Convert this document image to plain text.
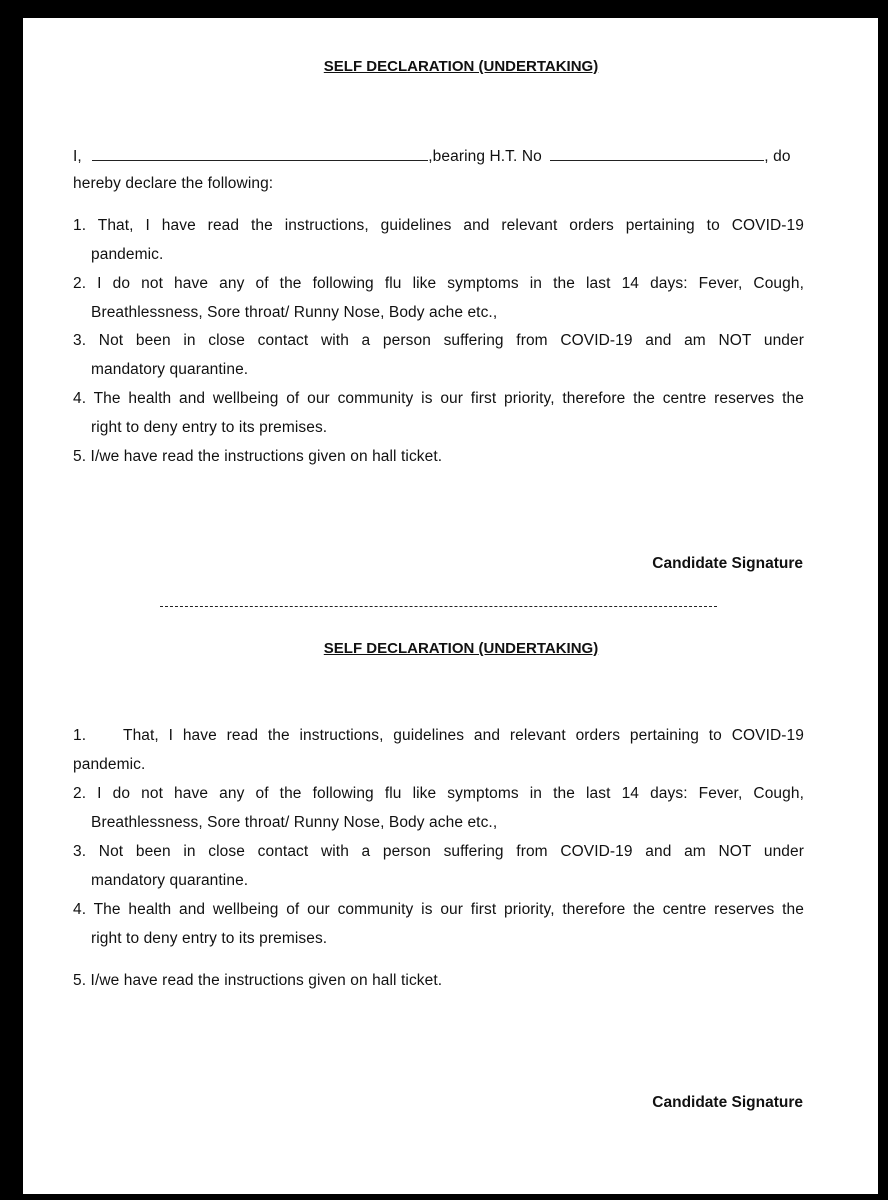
SELF DECLARATION (UNDERTAKING)

I,	,bearing H.T. No	, do

hereby declare the following:

1. That, I have read the instructions, guidelines and relevant orders pertaining to COVID-19

pandemic.

2. I do not have any of the following flu like symptoms in the last 14 days: Fever, Cough,

Breathlessness, Sore throat/ Runny Nose, Body ache etc.,

3. Not been in close contact with a person suffering from COVID-19 and am NOT under

mandatory quarantine.

4. The health and wellbeing of our community is our first priority, therefore the centre reserves the

right to deny entry to its premises.

5. I/we have read the instructions given on hall ticket.

Candidate Signature

SELF DECLARATION (UNDERTAKING)

1. That, I have read the instructions, guidelines and relevant orders pertaining to COVID-19

pandemic.

2. I do not have any of the following flu like symptoms in the last 14 days: Fever, Cough,

Breathlessness, Sore throat/ Runny Nose, Body ache etc.,

3. Not been in close contact with a person suffering from COVID-19 and am NOT under

mandatory quarantine.

4. The health and wellbeing of our community is our first priority, therefore the centre reserves the

right to deny entry to its premises.

5. I/we have read the instructions given on hall ticket.

Candidate Signature
